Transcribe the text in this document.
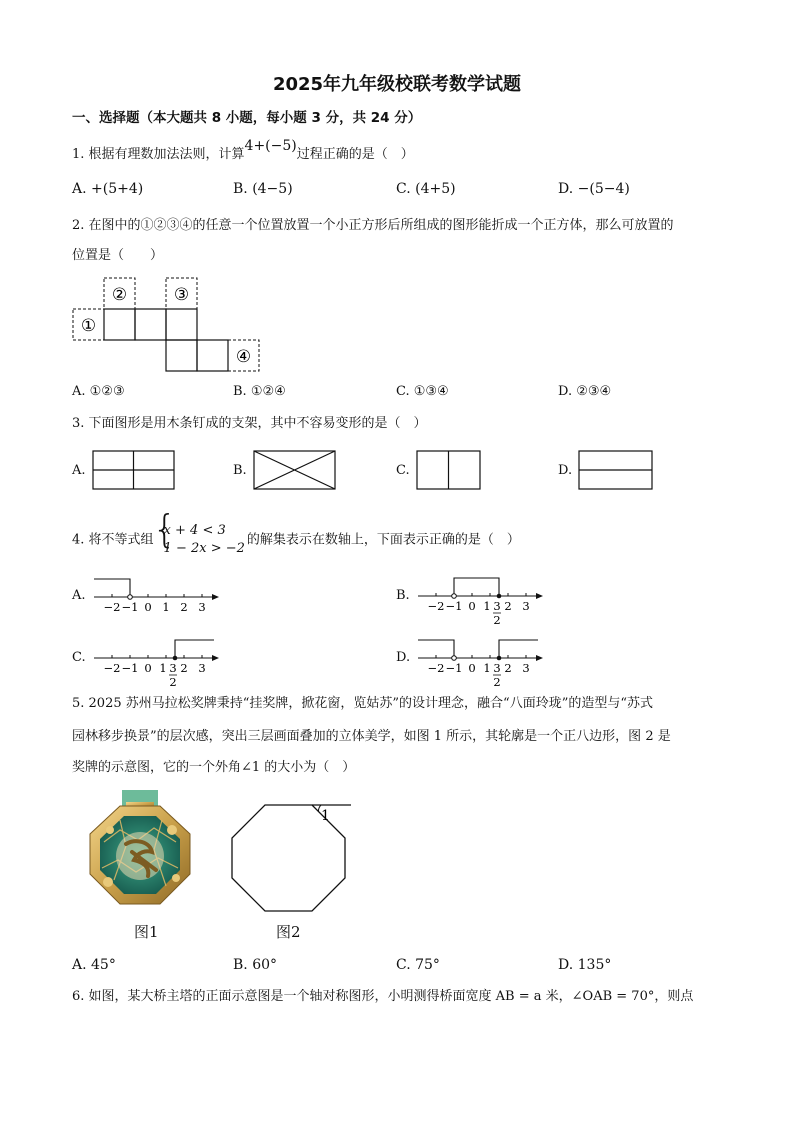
2025年九年级校联考数学试题
一、选择题（本大题共 8 小题，每小题 3 分，共 24 分）
1. 根据有理数加法法则，计算4+(−5)过程正确的是（　）
A. +(5+4)	B. (4−5)	C. (4+5)	D. −(5−4)
2. 在图中的①②③④的任意一个位置放置一个小正方形后所组成的图形能折成一个正方体，那么可放置的
位置是（　　）
①
②	③
④
A. ①②③	B. ①②④	C. ①③④	D. ②③④
3. 下面图形是用木条钉成的支架，其中不容易变形的是（　）
A.	B.	C.	D.
4. 将不等式组
{ x + 4 < 3
1 − 2x > −2
的解集表示在数轴上，下面表示正确的是（　）
A.
−2 −1 0 1 2 3
B.
−2 −1 0 2 3
1 3
2
C.
−2 −1 0 2 3
1 3
2
D.
−2 −1 0 2 3
1 3
2
5. 2025 苏州马拉松奖牌秉持“挂奖牌，掀花窗，览姑苏”的设计理念，融合“八面玲珑”的造型与“苏式
园林移步换景”的层次感，突出三层画面叠加的立体美学，如图 1 所示，其轮廓是一个正八边形，图 2 是
奖牌的示意图，它的一个外角∠1 的大小为（　）
图1
1
图2
A. 45°	B. 60°	C. 75°	D. 135°
6. 如图，某大桥主塔的正面示意图是一个轴对称图形，小明测得桥面宽度 AB = a 米，∠OAB = 70°，则点
